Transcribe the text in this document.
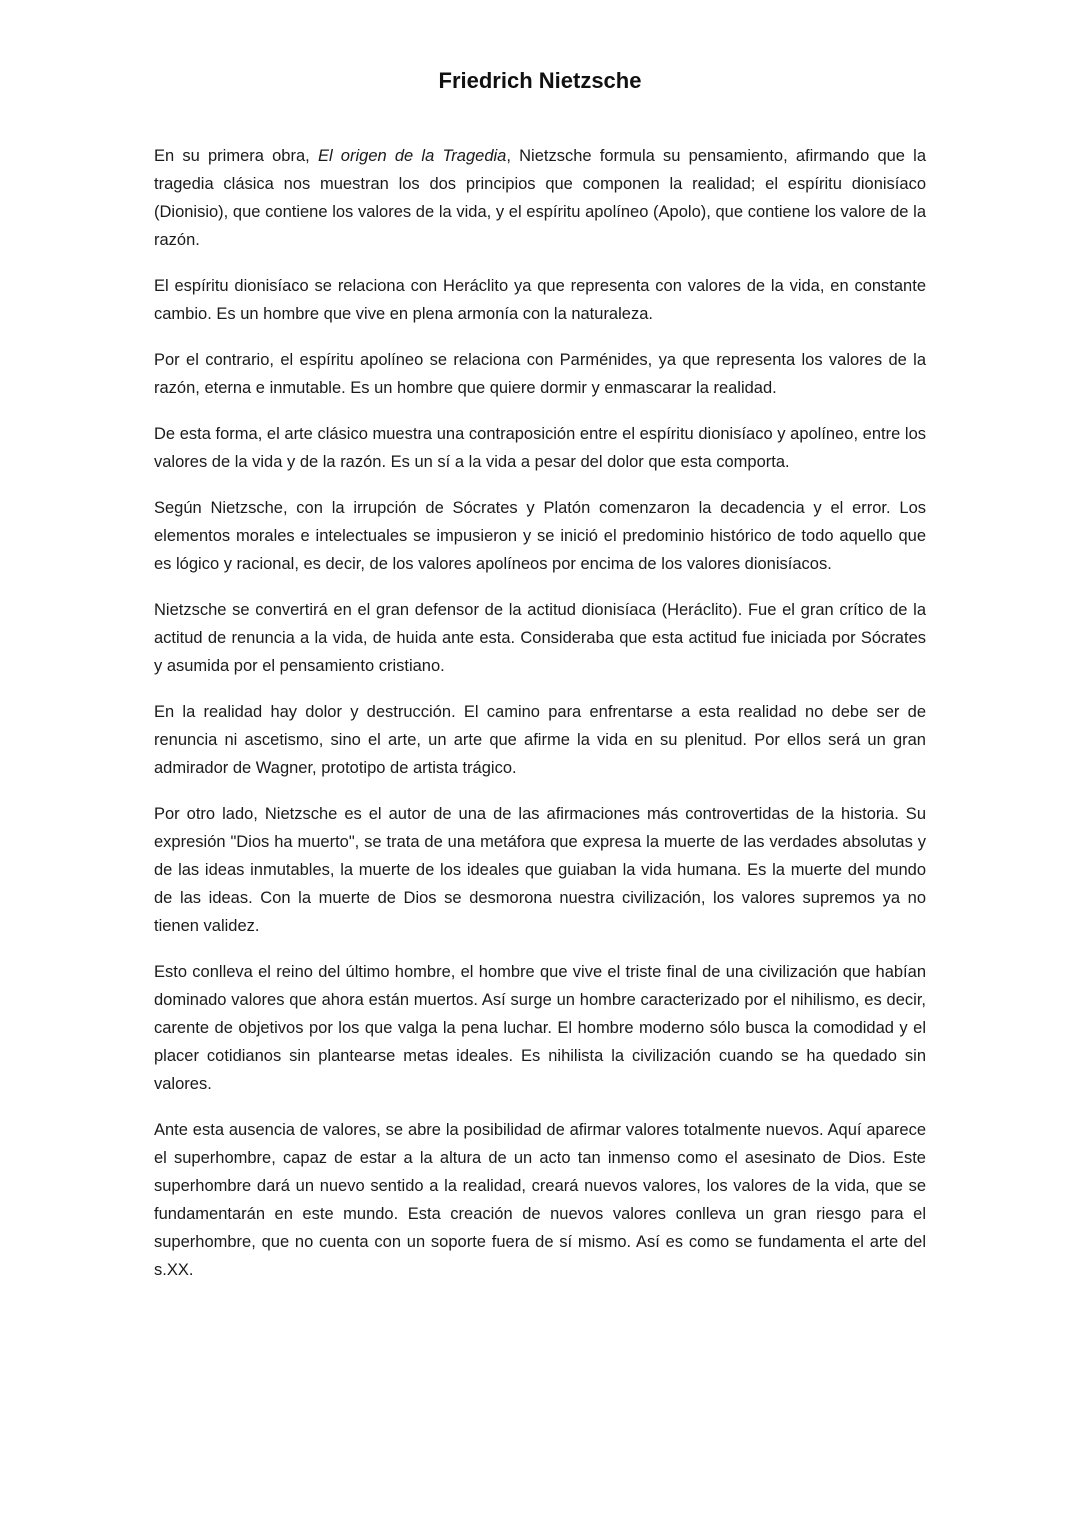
Friedrich Nietzsche

En su primera obra, El origen de la Tragedia, Nietzsche formula su pensamiento, afirmando que la tragedia clásica nos muestran los dos principios que componen la realidad; el espíritu dionisíaco (Dionisio), que contiene los valores de la vida, y el espíritu apolíneo (Apolo), que contiene los valore de la razón.

El espíritu dionisíaco se relaciona con Heráclito ya que representa con valores de la vida, en constante cambio. Es un hombre que vive en plena armonía con la naturaleza.

Por el contrario, el espíritu apolíneo se relaciona con Parménides, ya que representa los valores de la razón, eterna e inmutable. Es un hombre que quiere dormir y enmascarar la realidad.

De esta forma, el arte clásico muestra una contraposición entre el espíritu dionisíaco y apolíneo, entre los valores de la vida y de la razón. Es un sí a la vida a pesar del dolor que esta comporta.

Según Nietzsche, con la irrupción de Sócrates y Platón comenzaron la decadencia y el error. Los elementos morales e intelectuales se impusieron y se inició el predominio histórico de todo aquello que es lógico y racional, es decir, de los valores apolíneos por encima de los valores dionisíacos.

Nietzsche se convertirá en el gran defensor de la actitud dionisíaca (Heráclito). Fue el gran crítico de la actitud de renuncia a la vida, de huida ante esta. Consideraba que esta actitud fue iniciada por Sócrates y asumida por el pensamiento cristiano.

En la realidad hay dolor y destrucción. El camino para enfrentarse a esta realidad no debe ser de renuncia ni ascetismo, sino el arte, un arte que afirme la vida en su plenitud. Por ellos será un gran admirador de Wagner, prototipo de artista trágico.

Por otro lado, Nietzsche es el autor de una de las afirmaciones más controvertidas de la historia. Su expresión "Dios ha muerto", se trata de una metáfora que expresa la muerte de las verdades absolutas y de las ideas inmutables, la muerte de los ideales que guiaban la vida humana. Es la muerte del mundo de las ideas. Con la muerte de Dios se desmorona nuestra civilización, los valores supremos ya no tienen validez.

Esto conlleva el reino del último hombre, el hombre que vive el triste final de una civilización que habían dominado valores que ahora están muertos. Así surge un hombre caracterizado por el nihilismo, es decir, carente de objetivos por los que valga la pena luchar. El hombre moderno sólo busca la comodidad y el placer cotidianos sin plantearse metas ideales. Es nihilista la civilización cuando se ha quedado sin valores.

Ante esta ausencia de valores, se abre la posibilidad de afirmar valores totalmente nuevos. Aquí aparece el superhombre, capaz de estar a la altura de un acto tan inmenso como el asesinato de Dios. Este superhombre dará un nuevo sentido a la realidad, creará nuevos valores, los valores de la vida, que se fundamentarán en este mundo. Esta creación de nuevos valores conlleva un gran riesgo para el superhombre, que no cuenta con un soporte fuera de sí mismo. Así es como se fundamenta el arte del s.XX.
